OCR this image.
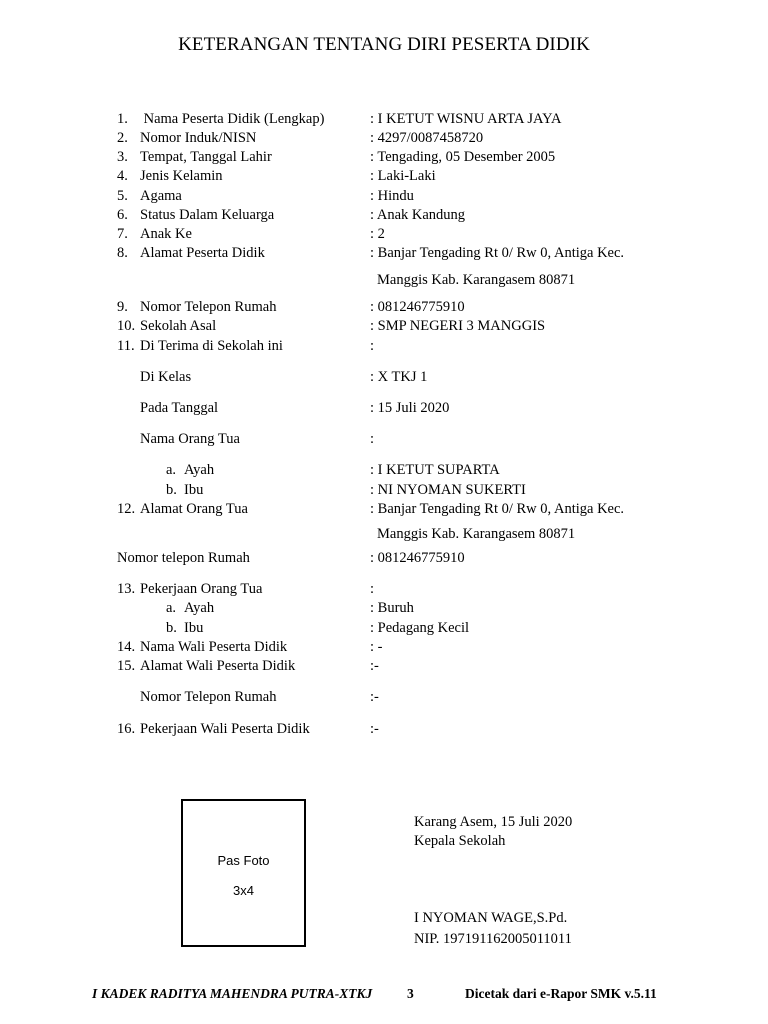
KETERANGAN TENTANG DIRI PESERTA DIDIK
1. Nama Peserta Didik (Lengkap)	: I KETUT WISNU ARTA JAYA
2. Nomor Induk/NISN	: 4297/0087458720
3. Tempat, Tanggal Lahir	: Tengading, 05 Desember 2005
4. Jenis Kelamin	: Laki-Laki
5. Agama	: Hindu
6. Status Dalam Keluarga	: Anak Kandung
7. Anak Ke	: 2
8. Alamat Peserta Didik	: Banjar Tengading Rt 0/ Rw 0, Antiga Kec.
Manggis Kab. Karangasem 80871
9. Nomor Telepon Rumah	: 081246775910
10. Sekolah Asal	: SMP NEGERI 3 MANGGIS
11. Di Terima di Sekolah ini	:
Di Kelas	: X TKJ 1
Pada Tanggal	: 15 Juli 2020
Nama Orang Tua	:
a. Ayah	: I KETUT SUPARTA
b. Ibu	: NI NYOMAN SUKERTI
12. Alamat Orang Tua	: Banjar Tengading Rt 0/ Rw 0, Antiga Kec.
Manggis Kab. Karangasem 80871
Nomor telepon Rumah	: 081246775910
13. Pekerjaan Orang Tua	:
a. Ayah	: Buruh
b. Ibu	: Pedagang Kecil
14. Nama Wali Peserta Didik	: -
15. Alamat Wali Peserta Didik	:-
Nomor Telepon Rumah	:-
16. Pekerjaan Wali Peserta Didik	:-
Pas Foto
3x4
Karang Asem, 15 Juli 2020
Kepala Sekolah
I NYOMAN WAGE,S.Pd.
NIP. 197191162005011011
I KADEK RADITYA MAHENDRA PUTRA-XTKJ	3	Dicetak dari e-Rapor SMK v.5.11
